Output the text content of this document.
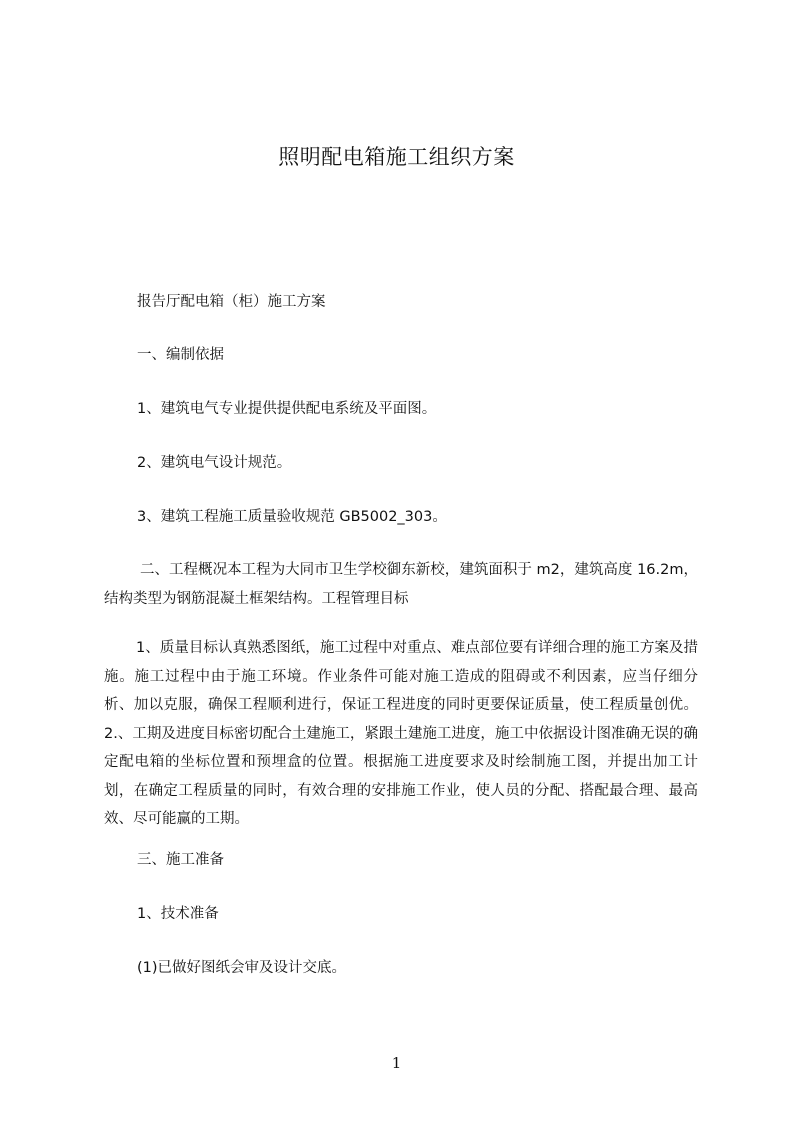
照明配电箱施工组织方案
报告厅配电箱（柜）施工方案
一、编制依据
1、建筑电气专业提供提供配电系统及平面图。
2、建筑电气设计规范。
3、建筑工程施工质量验收规范 GB5002_303。
二、工程概况本工程为大同市卫生学校御东新校，建筑面积于 m2，建筑高度 16.2m，结构类型为钢筋混凝土框架结构。工程管理目标
1、质量目标认真熟悉图纸，施工过程中对重点、难点部位要有详细合理的施工方案及措施。施工过程中由于施工环境。作业条件可能对施工造成的阻碍或不利因素，应当仔细分析、加以克服，确保工程顺利进行，保证工程进度的同时更要保证质量，使工程质量创优。2.、工期及进度目标密切配合土建施工，紧跟土建施工进度，施工中依据设计图准确无误的确定配电箱的坐标位置和预埋盒的位置。根据施工进度要求及时绘制施工图，并提出加工计划，在确定工程质量的同时，有效合理的安排施工作业，使人员的分配、搭配最合理、最高效、尽可能赢的工期。
三、施工准备
1、技术准备
(1)已做好图纸会审及设计交底。
1
